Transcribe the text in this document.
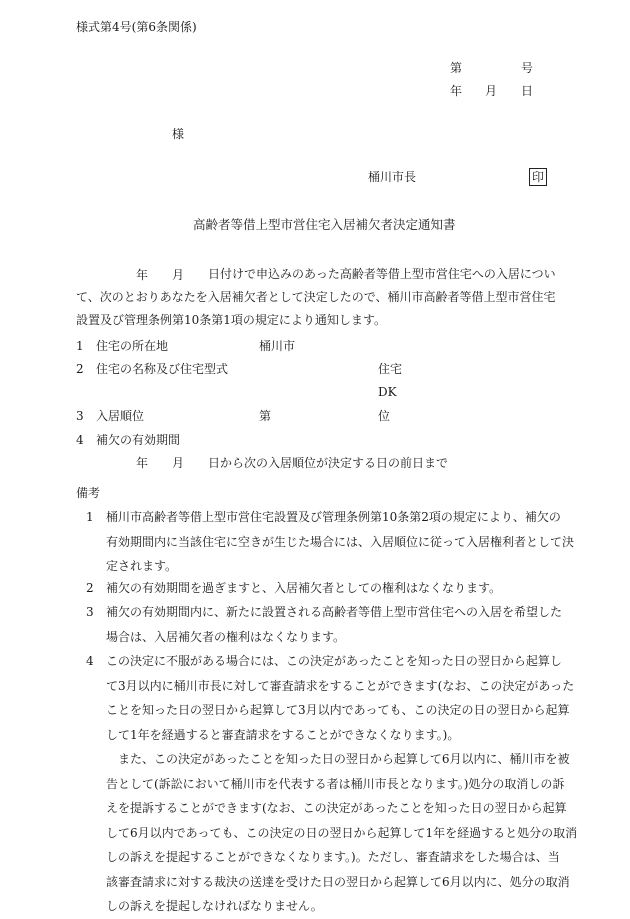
様式第4号(第6条関係)
第	号
年 月 日
様
桶川市長	印
高齢者等借上型市営住宅入居補欠者決定通知書
年 月	日付けで申込みのあった高齢者等借上型市営住宅への入居につい
て、次のとおりあなたを入居補欠者として決定したので、桶川市高齢者等借上型市営住宅
設置及び管理条例第10条第1項の規定により通知します。
1 住宅の所在地	桶川市
2 住宅の名称及び住宅型式	住宅
DK
3 入居順位	第	位
4 補欠の有効期間
年 月 日から次の入居順位が決定する日の前日まで
備考
1 桶川市高齢者等借上型市営住宅設置及び管理条例第10条第2項の規定により、補欠の
有効期間内に当該住宅に空きが生じた場合には、入居順位に従って入居権利者として決
定されます。
2 補欠の有効期間を過ぎますと、入居補欠者としての権利はなくなります。
3 補欠の有効期間内に、新たに設置される高齢者等借上型市営住宅への入居を希望した
場合は、入居補欠者の権利はなくなります。
4 この決定に不服がある場合には、この決定があったことを知った日の翌日から起算し
て3月以内に桶川市長に対して審査請求をすることができます(なお、この決定があった
ことを知った日の翌日から起算して3月以内であっても、この決定の日の翌日から起算
して1年を経過すると審査請求をすることができなくなります。)。
　また、この決定があったことを知った日の翌日から起算して6月以内に、桶川市を被
告として(訴訟において桶川市を代表する者は桶川市長となります。)処分の取消しの訴
えを提訴することができます(なお、この決定があったことを知った日の翌日から起算
して6月以内であっても、この決定の日の翌日から起算して1年を経過すると処分の取消
しの訴えを提起することができなくなります。)。ただし、審査請求をした場合は、当
該審査請求に対する裁決の送達を受けた日の翌日から起算して6月以内に、処分の取消
しの訴えを提起しなければなりません。
